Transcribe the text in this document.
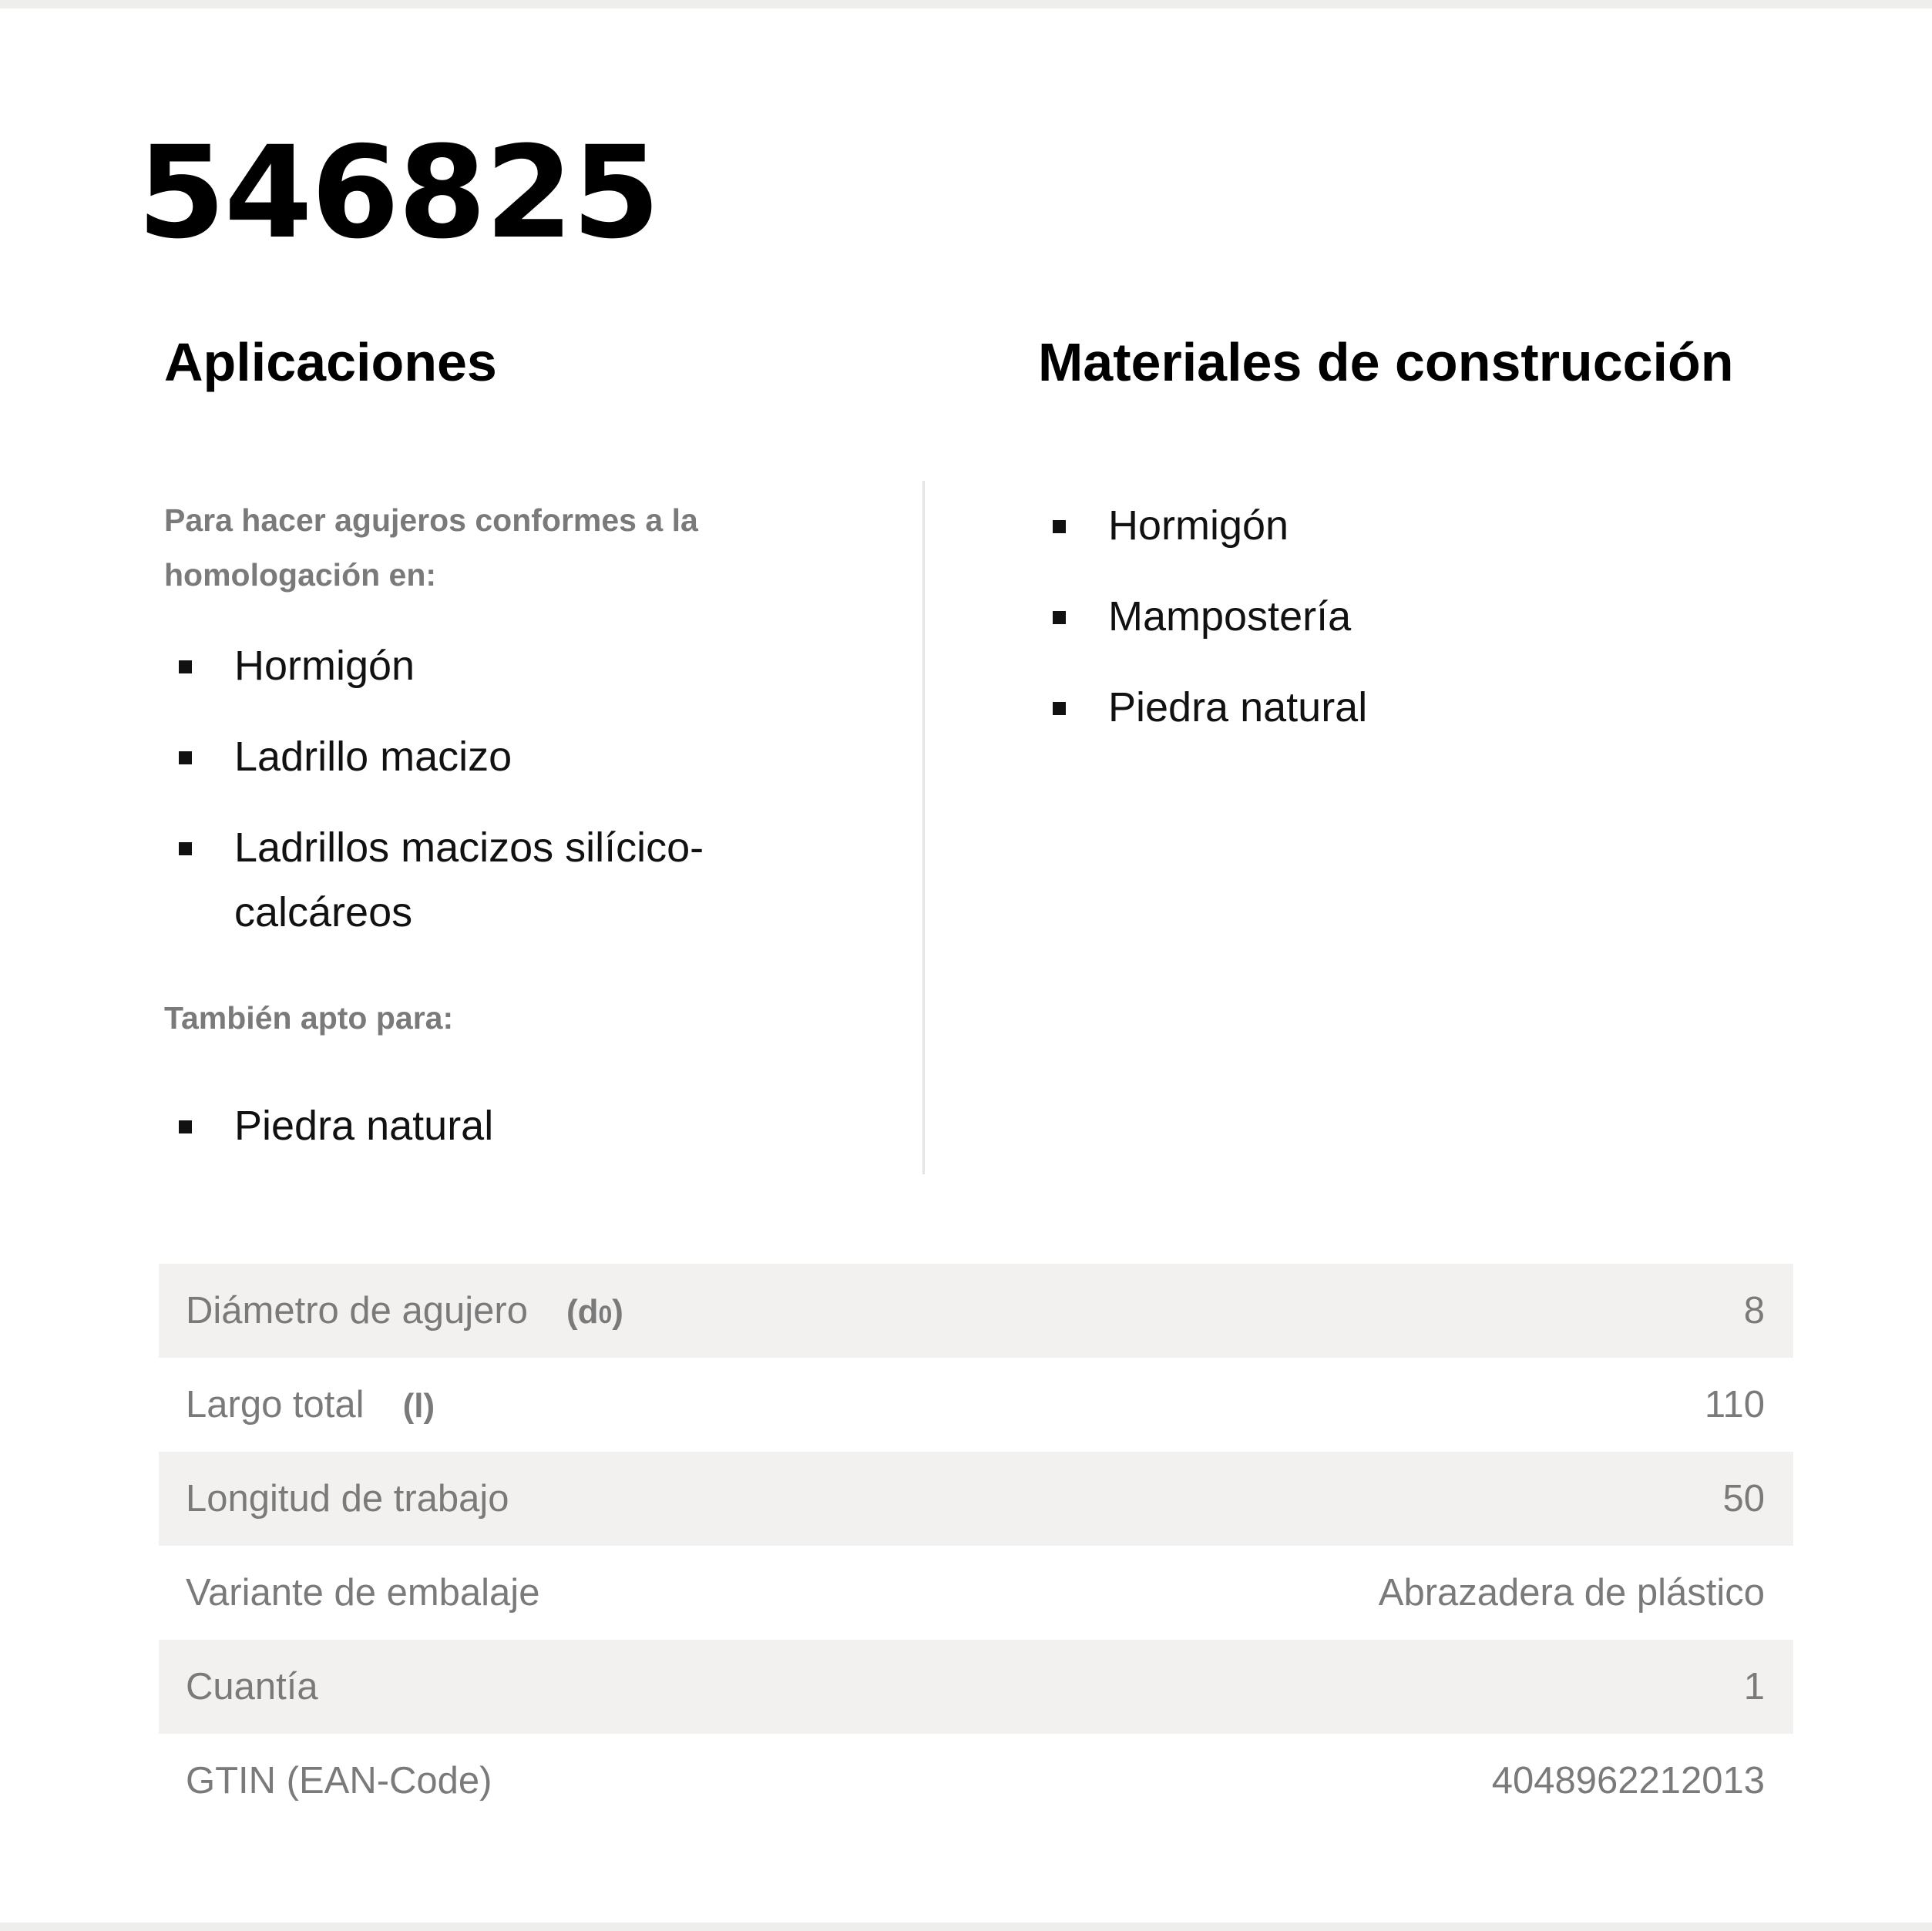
546825
Aplicaciones	Materiales de construcción

Para hacer agujeros conformes a la homologación en:

Hormigón
Ladrillo macizo
Ladrillos macizos silícico-calcáreos

También apto para:

Piedra natural
Hormigón
Mampostería
Piedra natural
Diámetro de agujero (d0)	8
Largo total (l)	110
Longitud de trabajo	50
Variante de embalaje	Abrazadera de plástico
Cuantía	1
GTIN (EAN-Code)	4048962212013
